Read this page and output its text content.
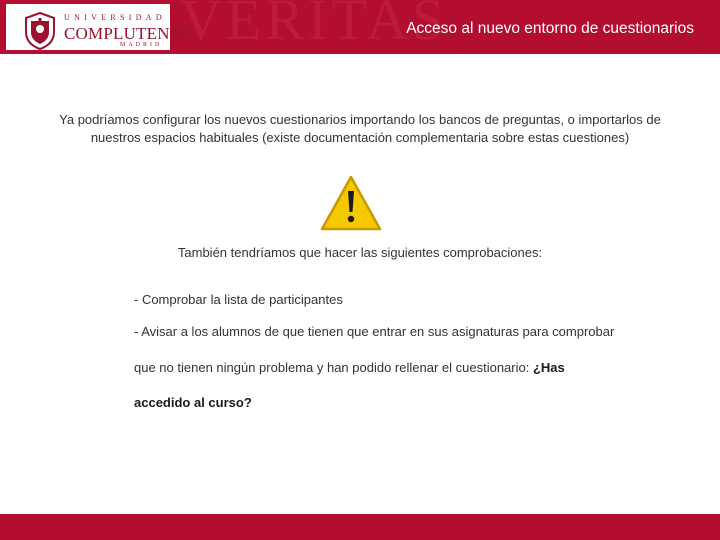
VERITAS
UNIVERSIDAD
COMPLUTENSE
MADRID
Acceso al nuevo entorno de cuestionarios

Ya podríamos configurar los nuevos cuestionarios importando los bancos de preguntas, o importarlos de nuestros espacios habituales (existe documentación complementaria sobre estas cuestiones)

También tendríamos que hacer las siguientes comprobaciones:

- Comprobar la lista de participantes

- Avisar a los alumnos de que tienen que entrar en sus asignaturas para comprobar

que no tienen ningún problema y han podido rellenar el cuestionario: ¿Has

accedido al curso?
